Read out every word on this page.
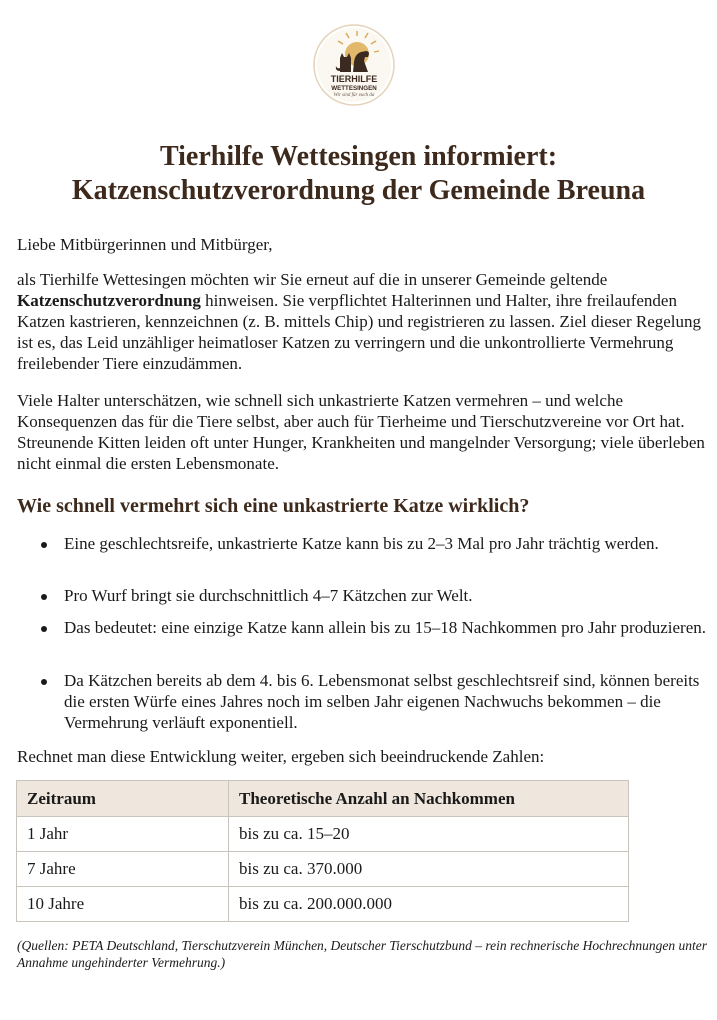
TIERHILFE
WETTESINGEN
Wir sind für euch da
Tierhilfe Wettesingen informiert:
Katzenschutzverordnung der Gemeinde Breuna

Liebe Mitbürgerinnen und Mitbürger,

als Tierhilfe Wettesingen möchten wir Sie erneut auf die in unserer Gemeinde geltende Katzenschutzverordnung hinweisen. Sie verpflichtet Halterinnen und Halter, ihre freilaufenden Katzen kastrieren, kennzeichnen (z. B. mittels Chip) und registrieren zu lassen. Ziel dieser Regelung ist es, das Leid unzähliger heimatloser Katzen zu verringern und die unkontrollierte Vermehrung freilebender Tiere einzudämmen.

Viele Halter unterschätzen, wie schnell sich unkastrierte Katzen vermehren – und welche Konsequenzen das für die Tiere selbst, aber auch für Tierheime und Tierschutzvereine vor Ort hat. Streunende Kitten leiden oft unter Hunger, Krankheiten und mangelnder Versorgung; viele überleben nicht einmal die ersten Lebensmonate.

Wie schnell vermehrt sich eine unkastrierte Katze wirklich?
Eine geschlechtsreife, unkastrierte Katze kann bis zu 2–3 Mal pro Jahr trächtig werden.
Pro Wurf bringt sie durchschnittlich 4–7 Kätzchen zur Welt.
Das bedeutet: eine einzige Katze kann allein bis zu 15–18 Nachkommen pro Jahr produzieren.
Da Kätzchen bereits ab dem 4. bis 6. Lebensmonat selbst geschlechtsreif sind, können bereits die ersten Würfe eines Jahres noch im selben Jahr eigenen Nachwuchs bekommen – die Vermehrung verläuft exponentiell.

Rechnet man diese Entwicklung weiter, ergeben sich beeindruckende Zahlen:

Zeitraum	Theoretische Anzahl an Nachkommen
1 Jahr	bis zu ca. 15–20
7 Jahre	bis zu ca. 370.000
10 Jahre	bis zu ca. 200.000.000

(Quellen: PETA Deutschland, Tierschutzverein München, Deutscher Tierschutzbund – rein rechnerische Hochrechnungen unter Annahme ungehinderter Vermehrung.)
